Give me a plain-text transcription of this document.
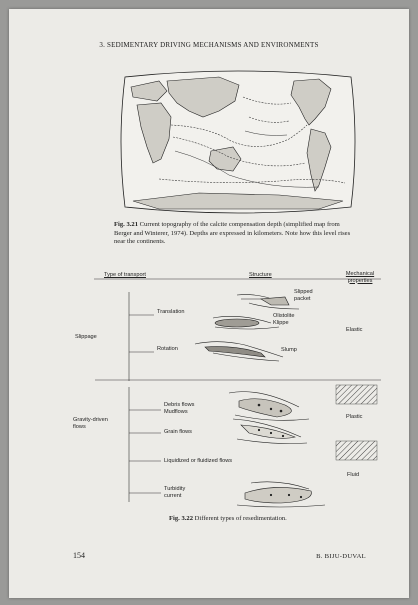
3. SEDIMENTARY DRIVING MECHANISMS AND ENVIRONMENTS
Fig. 3.21 Current topography of the calcite compensation depth (simplified map from Berger and Winterer, 1974). Depths are expressed in kilometers. Note how this level rises near the continents.
Type of transport	Structure	Mechanical properties
Slippage
Gravity-driven flows
Translation
Rotation
Debris flows Mudflows
Grain flows
Liquidized or fluidized flows
Turbidity current
Slipped packet
Olistolite Klippe
Slump
Elastic
Plastic
Fluid
Fig. 3.22 Different types of resedimentation.
154	B. BIJU-DUVAL
